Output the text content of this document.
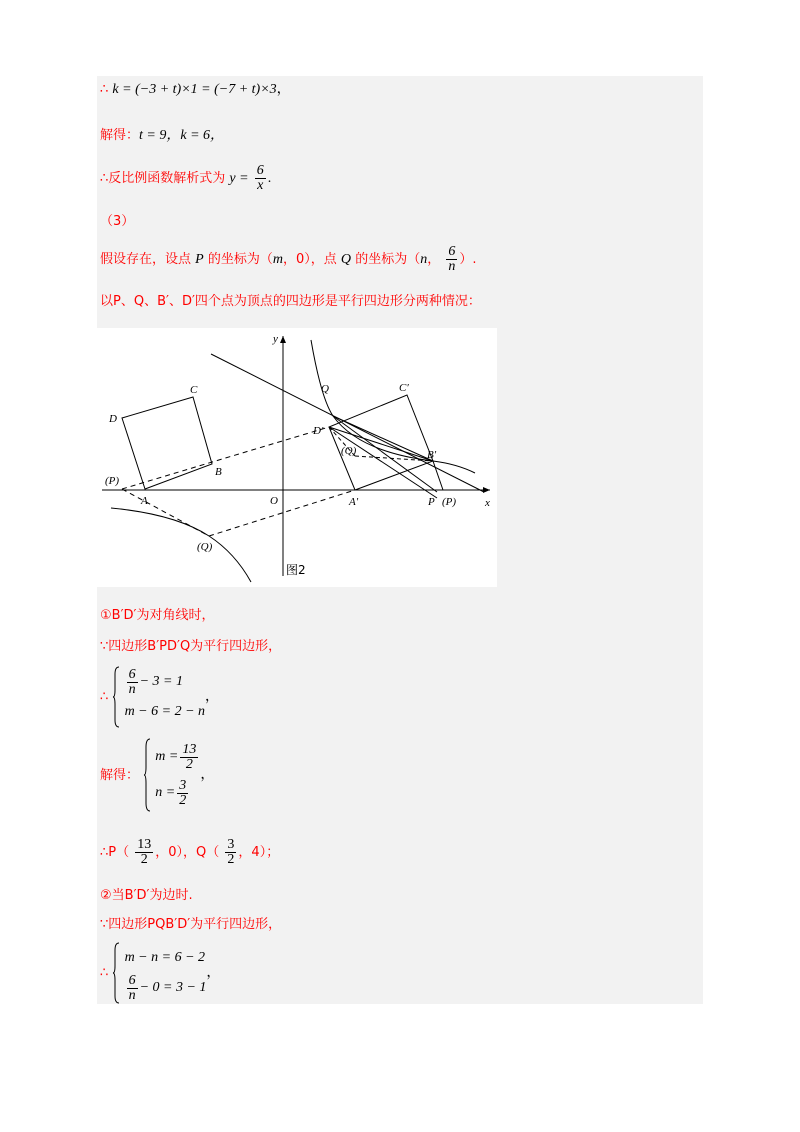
∴ k = (−3 + t)×1 = (−7 + t)×3，
解得：t = 9，k = 6，
∴反比例函数解析式为 $y = \frac{6}{x}$ .
（3）
假设存在，设点 P 的坐标为（m，0），点 Q 的坐标为（n， $\frac{6}{n}$ ）.
以P、Q、B′、D′四个点为顶点的四边形是平行四边形分两种情况：
x
y
O
A
B
C
D
(P)
(Q)
Q	C′
D′
(Q)	B′
A′	P (P)
图2
①B′D′为对角线时，
∵四边形B′PD′Q为平行四边形，
∴

$\frac{6}{n} - 3 = 1$
m − 6 = 2 − n
，
解得：

$m = \frac{13}{2}$
$n = \frac{3}{2}$
，
∴P（ $\frac{13}{2}$ ，0），$Q( \frac{3}{2}$ ，4）；
②当B′D′为边时.
∵四边形PQB′D′为平行四边形，
∴

m − n = 6 − 2
$\frac{6}{n} - 0 = 3 - 1$
，
